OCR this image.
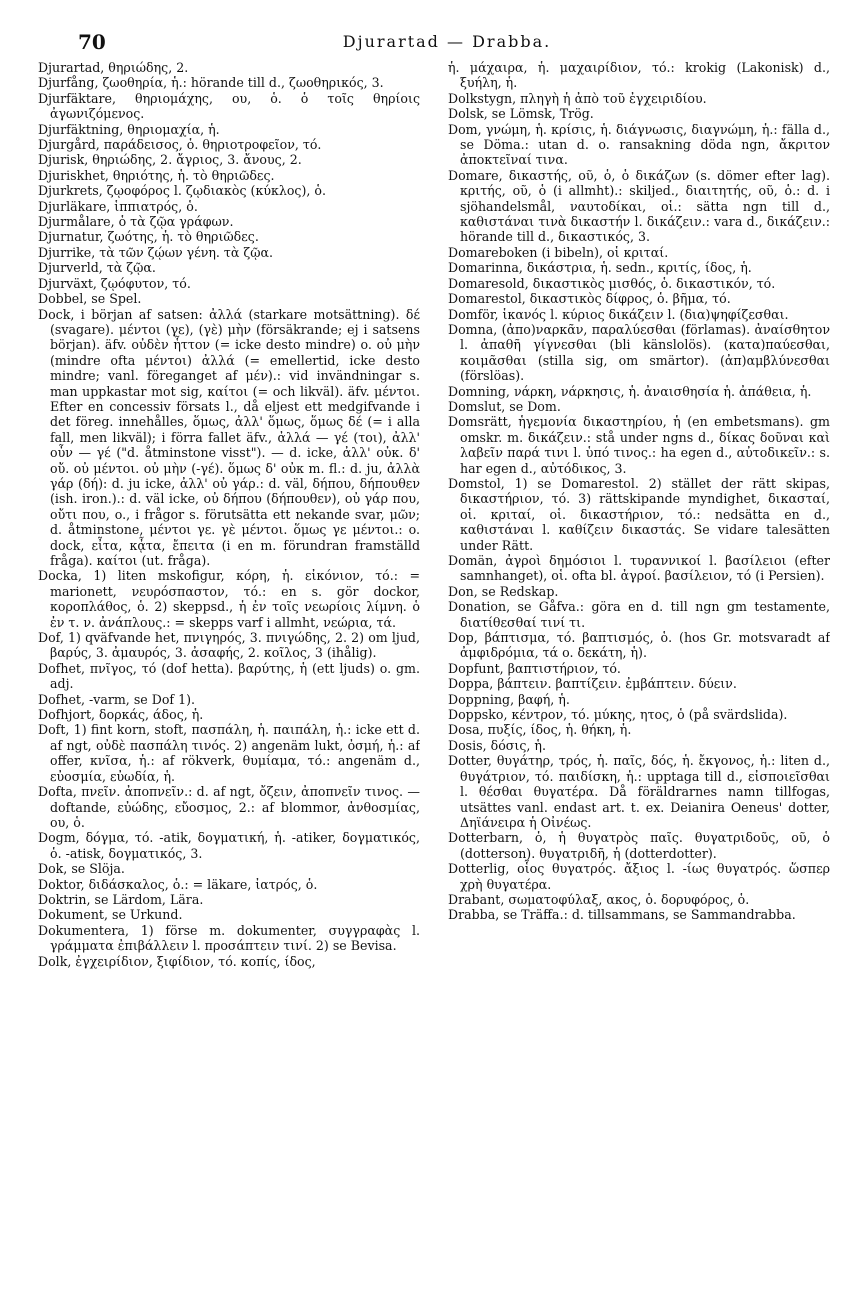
70	Djurartad — Drabba.

Djurartad, θηριώδης, 2.

Djurfång, ζωοθηρία, ἡ.: hörande till d., ζωοθηρικός, 3.

Djurfäktare, θηριομάχης, ου, ὁ. ὁ τοῖς θηρίοις ἀγωνιζόμενος.

Djurfäktning, θηριομαχία, ἡ.

Djurgård, παράδεισος, ὁ. θηριοτροφεῖον, τό.

Djurisk, θηριώδης, 2. ἄγριος, 3. ἄνους, 2.

Djuriskhet, θηριότης, ἡ. τὸ θηριῶδες.

Djurkrets, ζῳοφόρος l. ζῳδιακὸς (κύκλος), ὁ.

Djurläkare, ἱππιατρός, ὁ.

Djurmålare, ὁ τὰ ζῷα γράφων.

Djurnatur, ζωότης, ἡ. τὸ θηριῶδες.

Djurrike, τὰ τῶν ζῴων γένη. τὰ ζῷα.

Djurverld, τὰ ζῷα.

Djurväxt, ζῳόφυτον, τό.

Dobbel, se Spel.

Dock, i början af satsen: ἀλλά (starkare motsättning). δέ (svagare). μέντοι (γε), (γὲ) μὴν (försäkrande; ej i satsens början). äfv. οὐδὲν ἧττον (= icke desto mindre) o. οὐ μὴν (mindre ofta μέντοι) ἀλλά (= emellertid, icke desto mindre; vanl. föreganget af μέν).: vid invändningar s. man uppkastar mot sig, καίτοι (= och likväl). äfv. μέντοι. Efter en concessiv försats l., då eljest ett medgifvande i det föreg. innehålles, ὅμως, ἀλλ' ὅμως, ὅμως δέ (= i alla fall, men likväl); i förra fallet äfv., ἀλλά — γέ (τοι), ἀλλ' οὖν — γέ ("d. åtminstone visst"). — d. icke, ἀλλ' οὐκ. δ' οὔ. οὐ μέντοι. οὐ μὴν (-γέ). ὅμως δ' οὐκ m. fl.: d. ju, ἀλλὰ γάρ (δή): d. ju icke, ἀλλ' οὐ γάρ.: d. väl, δήπου, δήπουθεν (ish. iron.).: d. väl icke, οὐ δήπου (δήπουθεν), οὐ γάρ που, οὔτι που, o., i frågor s. förutsätta ett nekande svar, μῶν; d. åtminstone, μέντοι γε. γὲ μέντοι. ὅμως γε μέντοι.: o. dock, εἶτα, κᾆτα, ἔπειτα (i en m. förundran framställd fråga). καίτοι (ut. fråga).

Docka, 1) liten mskofigur, κόρη, ἡ. εἰκόνιον, τό.: = marionett, νευρόσπαστον, τό.: en s. gör dockor, κοροπλάθος, ὁ. 2) skeppsd., ἡ ἐν τοῖς νεωρίοις λίμνη. ὁ ἐν τ. ν. ἀνάπλους.: = skepps varf i allmht, νεώρια, τά.

Dof, 1) qväfvande het, πνιγηρός, 3. πνιγώδης, 2. 2) om ljud, βαρύς, 3. ἀμαυρός, 3. ἀσαφής, 2. κοῖλος, 3 (ihålig).

Dofhet, πνῖγος, τό (dof hetta). βαρύτης, ἡ (ett ljuds) o. gm. adj.

Dofhet, -varm, se Dof 1).

Dofhjort, δορκάς, άδος, ἡ.

Doft, 1) fint korn, stoft, πασπάλη, ἡ. παιπάλη, ἡ.: icke ett d. af ngt, οὐδὲ πασπάλη τινός. 2) angenäm lukt, ὀσμή, ἡ.: af offer, κνῖσα, ἡ.: af rökverk, θυμίαμα, τό.: angenäm d., εὐοσμία, εὐωδία, ἡ.

Dofta, πνεῖν. ἀποπνεῖν.: d. af ngt, ὄζειν, ἀποπνεῖν τινος. — doftande, εὐώδης, εὔοσμος, 2.: af blommor, ἀνθοσμίας, ου, ὁ.

Dogm, δόγμα, τό. -atik, δογματική, ἡ. -atiker, δογματικός, ὁ. -atisk, δογματικός, 3.

Dok, se Slöja.

Doktor, διδάσκαλος, ὁ.: = läkare, ἰατρός, ὁ.

Doktrin, se Lärdom, Lära.

Dokument, se Urkund.

Dokumentera, 1) förse m. dokumenter, συγγραφὰς l. γράμματα ἐπιβάλλειν l. προσάπτειν τινί. 2) se Bevisa.

Dolk, ἐγχειρίδιον, ξιφίδιον, τό. κοπίς, ίδος,

ἡ. μάχαιρα, ἡ. μαχαιρίδιον, τό.: krokig (Lakonisk) d., ξυήλη, ἡ.

Dolkstygn, πληγὴ ἡ ἀπὸ τοῦ ἐγχειριδίου.

Dolsk, se Lömsk, Trög.

Dom, γνώμη, ἡ. κρίσις, ἡ. διάγνωσις, διαγνώμη, ἡ.: fälla d., se Döma.: utan d. o. ransakning döda ngn, ἄκριτον ἀποκτεῖναί τινα.

Domare, δικαστής, οῦ, ὁ, ὁ δικάζων (s. dömer efter lag). κριτής, οῦ, ὁ (i allmht).: skiljed., διαιτητής, οῦ, ὁ.: d. i sjöhandelsmål, ναυτοδίκαι, οἱ.: sätta ngn till d., καθιστάναι τινὰ δικαστήν l. δικάζειν.: vara d., δικάζειν.: hörande till d., δικαστικός, 3.

Domareboken (i bibeln), οἱ κριταί.

Domarinna, δικάστρια, ἡ. sedn., κριτίς, ίδος, ἡ.

Domaresold, δικαστικὸς μισθός, ὁ. δικαστικόν, τό.

Domarestol, δικαστικὸς δίφρος, ὁ. βῆμα, τό.

Domför, ἱκανός l. κύριος δικάζειν l. (δια)ψηφίζεσθαι.

Domna, (ἀπο)ναρκᾶν, παραλύεσθαι (förlamas). ἀναίσθητον l. ἀπαθῆ γίγνεσθαι (bli känslolös). (κατα)παύεσθαι, κοιμᾶσθαι (stilla sig, om smärtor). (ἀπ)αμβλύνεσθαι (förslöas).

Domning, νάρκη, νάρκησις, ἡ. ἀναισθησία ἡ. ἀπάθεια, ἡ.

Domslut, se Dom.

Domsrätt, ἡγεμονία δικαστηρίου, ἡ (en embetsmans). gm omskr. m. δικάζειν.: stå under ngns d., δίκας δοῦναι καὶ λαβεῖν παρά τινι l. ὑπό τινος.: ha egen d., αὐτοδικεῖν.: s. har egen d., αὐτόδικος, 3.

Domstol, 1) se Domarestol. 2) stället der rätt skipas, δικαστήριον, τό. 3) rättskipande myndighet, δικασταί, οἱ. κριταί, οἱ. δικαστήριον, τό.: nedsätta en d., καθιστάναι l. καθίζειν δικαστάς. Se vidare talesätten under Rätt.

Domän, ἀγροὶ δημόσιοι l. τυραννικοί l. βασίλειοι (efter samnhanget), οἱ. ofta bl. ἀγροί. βασίλειον, τό (i Persien).

Don, se Redskap.

Donation, se Gåfva.: göra en d. till ngn gm testamente, διατίθεσθαί τινί τι.

Dop, βάπτισμα, τό. βαπτισμός, ὁ. (hos Gr. motsvaradt af ἀμφιδρόμια, τά o. δεκάτη, ἡ).

Dopfunt, βαπτιστήριον, τό.

Doppa, βάπτειν. βαπτίζειν. ἐμβάπτειν. δύειν.

Doppning, βαφή, ἡ.

Doppsko, κέντρον, τό. μύκης, ητος, ὁ (på svärdslida).

Dosa, πυξίς, ίδος, ἡ. θήκη, ἡ.

Dosis, δόσις, ἡ.

Dotter, θυγάτηρ, τρός, ἡ. παῖς, δός, ἡ. ἔκγονος, ἡ.: liten d., θυγάτριον, τό. παιδίσκη, ἡ.: upptaga till d., εἰσποιεῖσθαι l. θέσθαι θυγατέρα. Då föräldrarnes namn tillfogas, utsättes vanl. endast art. t. ex. Deianira Oeneus' dotter, Δηϊάνειρα ἡ Οἰνέως.

Dotterbarn, ὁ, ἡ θυγατρὸς παῖς. θυγατριδοῦς, οῦ, ὁ (dotterson). θυγατριδῆ, ἡ (dotterdotter).

Dotterlig, οἷος θυγατρός. ἄξιος l. -ίως θυγατρός. ὥσπερ χρὴ θυγατέρα.

Drabant, σωματοφύλαξ, ακος, ὁ. δορυφόρος, ὁ.

Drabba, se Träffa.: d. tillsammans, se Sammandrabba.
